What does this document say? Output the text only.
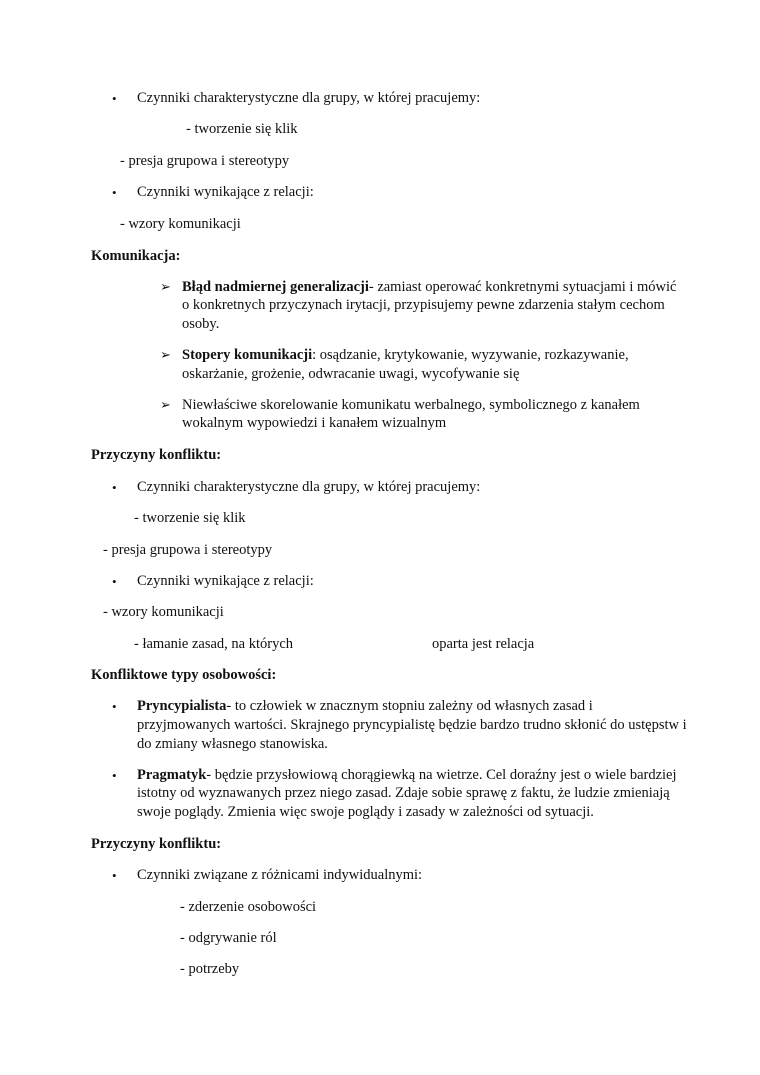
• Czynniki charakterystyczne dla grupy, w której pracujemy:
- tworzenie się klik
- presja grupowa i stereotypy
• Czynniki wynikające z relacji:
- wzory komunikacji
Komunikacja:
➢ Błąd nadmiernej generalizacji- zamiast operować konkretnymi sytuacjami i mówić
o konkretnych przyczynach irytacji, przypisujemy pewne zdarzenia stałym cechom
osoby.
➢ Stopery komunikacji: osądzanie, krytykowanie, wyzywanie, rozkazywanie,
oskarżanie, grożenie, odwracanie uwagi, wycofywanie się
➢ Niewłaściwe skorelowanie komunikatu werbalnego, symbolicznego z kanałem
wokalnym wypowiedzi i kanałem wizualnym
Przyczyny konfliktu:
• Czynniki charakterystyczne dla grupy, w której pracujemy:
- tworzenie się klik
- presja grupowa i stereotypy
• Czynniki wynikające z relacji:
- wzory komunikacji
- łamanie zasad, na których	oparta jest relacja
Konfliktowe typy osobowości:
• Pryncypialista- to człowiek w znacznym stopniu zależny od własnych zasad i
przyjmowanych wartości. Skrajnego pryncypialistę będzie bardzo trudno skłonić do ustępstw i
do zmiany własnego stanowiska.
• Pragmatyk- będzie przysłowiową chorągiewką na wietrze. Cel doraźny jest o wiele bardziej
istotny od wyznawanych przez niego zasad. Zdaje sobie sprawę z faktu, że ludzie zmieniają
swoje poglądy. Zmienia więc swoje poglądy i zasady w zależności od sytuacji.
Przyczyny konfliktu:
• Czynniki związane z różnicami indywidualnymi:
- zderzenie osobowości
- odgrywanie ról
- potrzeby
